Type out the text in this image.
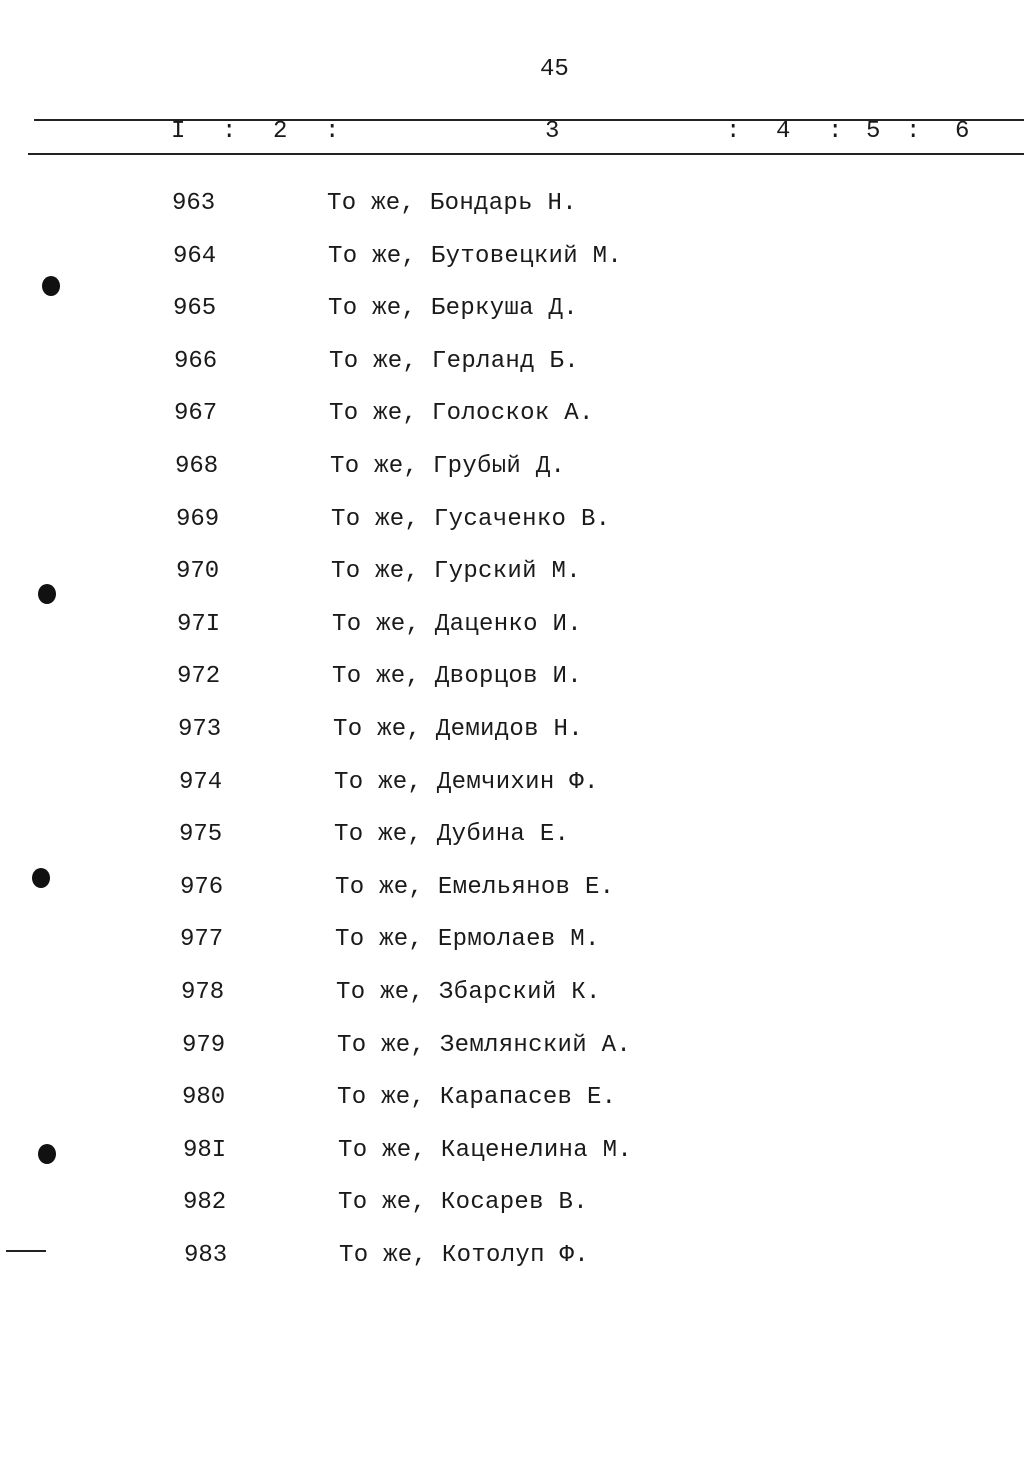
45
I : 2 :	3	: 4 : 5 : 6
963	То же, Бондарь Н.
964	То же, Бутовецкий М.
965	То же, Беркуша Д.
966	То же, Герланд Б.
967	То же, Голоскок А.
968	То же, Грубый Д.
969	То же, Гусаченко В.
970	То же, Гурский М.
97I	То же, Даценко И.
972	То же, Дворцов И.
973	То же, Демидов Н.
974	То же, Демчихин Ф.
975	То же, Дубина Е.
976	То же, Емельянов Е.
977	То же, Ермолаев М.
978	То же, Збарский К.
979	То же, Землянский А.
980	То же, Карапасев Е.
98I	То же, Каценелина М.
982	То же, Косарев В.
983	То же, Котолуп Ф.
